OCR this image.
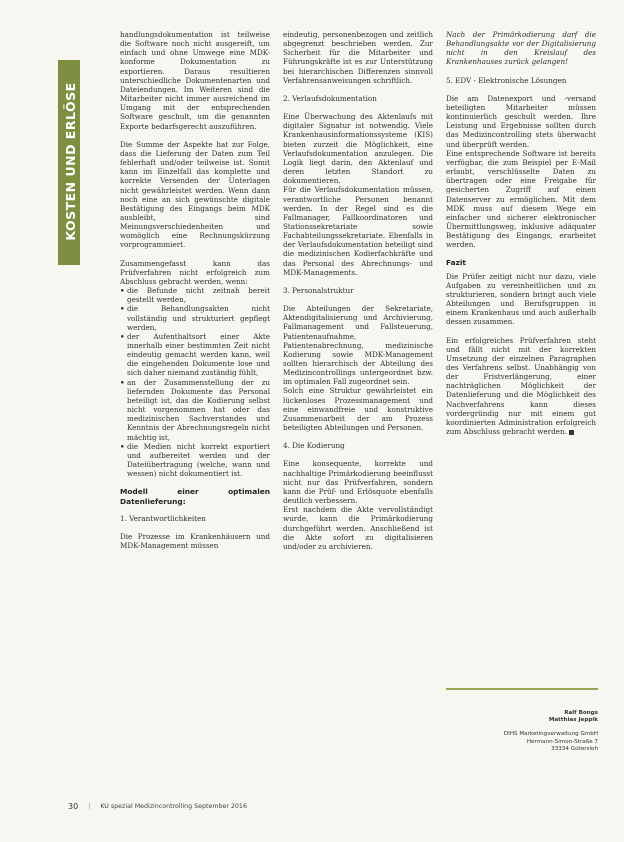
KOSTEN UND ERLÖSE

handlungsdokumentation ist teilweise die Software noch nicht ausgereift, um einfach und ohne Umwege eine MDK-konforme Dokumentation zu exportieren. Daraus resultieren unterschiedliche Dokumentenarten und Dateiendungen. Im Weiteren sind die Mitarbeiter nicht immer ausreichend im Umgang mit der entsprechenden Software geschult, um die genannten Exporte bedarfsgerecht auszuführen.

Die Summe der Aspekte hat zur Folge, dass die Lieferung der Daten zum Teil fehlerhaft und/oder teilweise ist. Somit kann im Einzelfall das komplette und korrekte Versenden der Unterlagen nicht gewährleistet werden. Wenn dann noch eine an sich gewünschte digitale Bestätigung des Eingangs beim MDK ausbleibt, sind Meinungsverschiedenheiten und womöglich eine Rechnungskürzung vorprogrammiert.

Zusammengefasst kann das Prüfverfahren nicht erfolgreich zum Abschluss gebracht werden, wenn:

• die Befunde nicht zeitnah bereit gestellt werden,
• die Behandlungsakten nicht vollständig und strukturiert gepflegt werden,
• der Aufenthaltsort einer Akte innerhalb einer bestimmten Zeit nicht eindeutig gemacht werden kann, weil die eingehenden Dokumente lose und sich daher niemand zuständig fühlt,
• an der Zusammenstellung der zu liefernden Dokumente das Personal beteiligt ist, das die Kodierung selbst nicht vorgenommen hat oder das medizinischen Sachverstandes und Kenntnis der Abrechnungsregeln nicht mächtig ist,
• die Medien nicht korrekt exportiert und aufbereitet werden und der Dateiübertragung (welche, wann und wessen) nicht dokumentiert ist.
Modell einer optimalen Datenlieferung:

1. Verantwortlichkeiten

Die Prozesse im Krankenhäusern und MDK-Management müssen

eindeutig, personenbezogen und zeitlich abgegrenzt beschrieben werden. Zur Sicherheit für die Mitarbeiter und Führungskräfte ist es zur Unterstützung bei hierarchischen Differenzen sinnvoll Verfahrensanweisungen schriftlich.

2. Verlaufsdokumentation

Eine Überwachung des Aktenlaufs mit digitaler Signatur ist notwendig. Viele Krankenhausinformationssysteme (KIS) bieten zurzeit die Möglichkeit, eine Verlaufsdokumentation anzulegen. Die Logik liegt darin, den Aktenlauf und deren letzten Standort zu dokumentieren.

Für die Verlaufsdokumentation müssen, verantwortliche Personen benannt werden. In der Regel sind es die Fallmanager, Fallkoordinatoren und Stationssekretariate sowie Fachabteilungssekretariate. Ebenfalls in der Verlaufsdokumentation beteiligt sind die medizinischen Kodierfachkräfte und das Personal des Abrechnungs- und MDK-Managements.

3. Personalstruktur

Die Abteilungen der Sekretariate, Aktendigitalisierung und Archivierung, Fallmanagement und Fallsteuerung, Patientenaufnahme, Patientenabrechnung, medizinische Kodierung sowie MDK-Management sollten hierarchisch der Abteilung des Medizincontrollings untergeordnet bzw. im optimalen Fall zugeordnet sein.

Solch eine Struktur gewährleistet ein lückenloses Prozessmanagement und eine einwandfreie und konstruktive Zusammenarbeit der am Prozess beteiligten Abteilungen und Personen.

4. Die Kodierung

Eine konsequente, korrekte und nachhaltige Primärkodierung beeinflusst nicht nur das Prüfverfahren, sondern kann die Prüf- und Erlösquote ebenfalls deutlich verbessern.

Erst nachdem die Akte vervollständigt wurde, kann die Primärkodierung durchgeführt werden. Anschließend ist die Akte sofort zu digitalisieren und/oder zu archivieren.

Nach der Primärkodierung darf die Behandlungsakte vor der Digitalisierung nicht in den Kreislauf des Krankenhauses zurück gelangen!

5. EDV - Elektronische Lösungen

Die am Datenexport und -versand beteiligten Mitarbeiter müssen kontinuierlich geschult werden. Ihre Leistung und Ergebnisse sollten durch das Medizincontrolling stets überwacht und überprüft werden.

Eine entsprechende Software ist bereits verfügbar, die zum Beispiel per E-Mail erlaubt, verschlüsselte Daten zu übertragen oder eine Freigabe für gesicherten Zugriff auf einen Datenserver zu ermöglichen. Mit dem MDK muss auf diesem Wege ein einfacher und sicherer elektronischer Übermittlungsweg, inklusive adäquater Bestätigung des Eingangs, erarbeitet werden.

Fazit

Die Prüfer zeitigt nicht nur dazu, viele Aufgaben zu vereinheitlichen und zu strukturieren, sondern bringt auch viele Abteilungen und Berufsgruppen in einem Krankenhaus und auch außerhalb dessen zusammen.

Ein erfolgreiches Prüfverfahren steht und fällt nicht mit der korrekten Umsetzung der einzelnen Paragraphen des Verfahrens selbst. Unabhängig von der Fristverlängerung, einer nachträglichen Möglichkeit der Datenlieferung und die Möglichkeit des Nachverfahrens kann dieses vordergründig nur mit einem gut koordinierten Administration erfolgreich zum Abschluss gebracht werden.

Ralf Bongs
Matthias Jeppik
DIHS Marketingverwaltung GmbH
Hermann-Simon-Straße 7
33334 Gütersloh
30 | KU spezial Medizincontrolling September 2016
